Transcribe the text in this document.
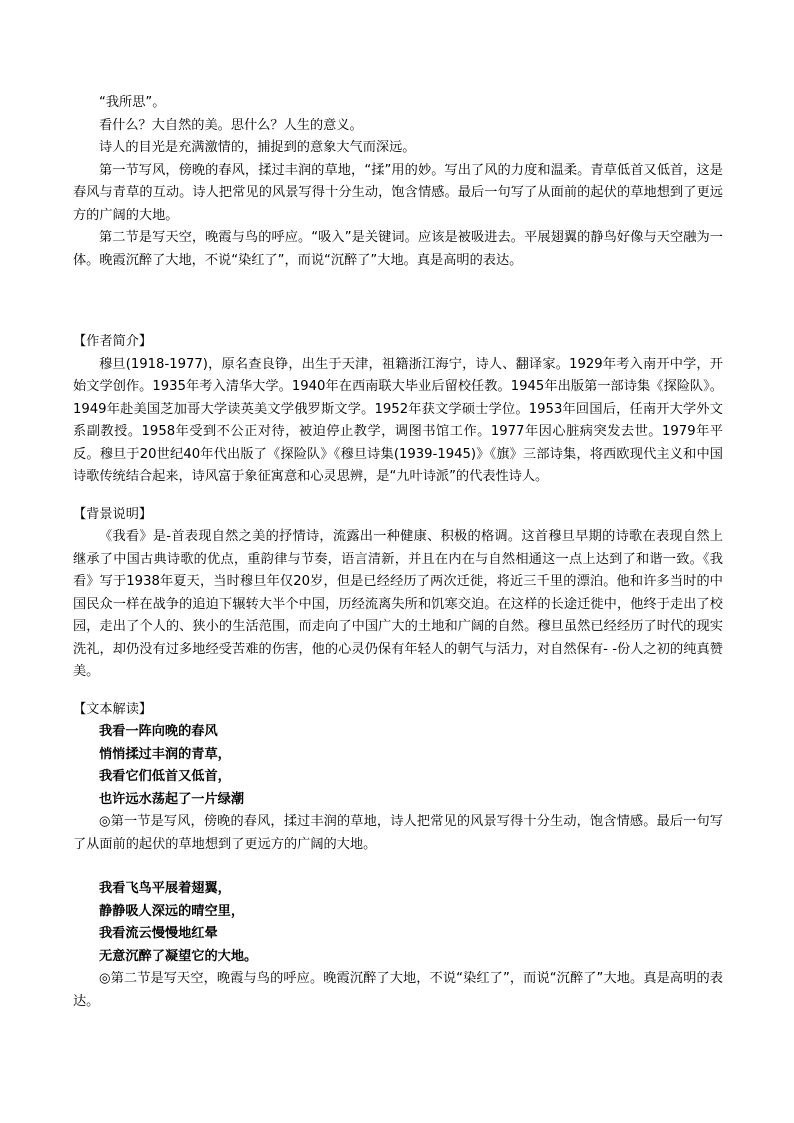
“我所思”。

看什么？大自然的美。思什么？人生的意义。

诗人的目光是充满激情的，捕捉到的意象大气而深远。

第一节写风，傍晚的春风，揉过丰润的草地，“揉”用的妙。写出了风的力度和温柔。青草低首又低首，这是春风与青草的互动。诗人把常见的风景写得十分生动，饱含情感。最后一句写了从面前的起伏的草地想到了更远方的广阔的大地。

第二节是写天空，晚霞与鸟的呼应。“吸入”是关键词。应该是被吸进去。平展翅翼的静鸟好像与天空融为一体。晚霞沉醉了大地，不说“染红了”，而说“沉醉了”大地。真是高明的表达。

【作者简介】

穆旦(1918-1977)，原名查良铮，出生于天津，祖籍浙江海宁，诗人、翻译家。1929年考入南开中学，开始文学创作。1935年考入清华大学。1940年在西南联大毕业后留校任教。1945年出版第一部诗集《探险队》。1949年赴美国芝加哥大学读英美文学俄罗斯文学。1952年获文学硕士学位。1953年回国后，任南开大学外文系副教授。1958年受到不公正对待，被迫停止教学，调图书馆工作。1977年因心脏病突发去世。1979年平反。穆旦于20世纪40年代出版了《探险队》《穆旦诗集(1939-1945)》《旗》三部诗集，将西欧现代主义和中国诗歌传统结合起来，诗风富于象征寓意和心灵思辨，是“九叶诗派”的代表性诗人。

【背景说明】

《我看》是-首表现自然之美的抒情诗，流露出一种健康、积极的格调。这首穆旦早期的诗歌在表现自然上继承了中国古典诗歌的优点，重韵律与节奏，语言清新，并且在内在与自然相通这一点上达到了和谐一致。《我看》写于1938年夏天，当时穆旦年仅20岁，但是已经经历了两次迁徙，将近三千里的漂泊。他和许多当时的中国民众一样在战争的追迫下辗转大半个中国，历经流离失所和饥寒交迫。在这样的长途迁徙中，他终于走出了校园，走出了个人的、狭小的生活范围，而走向了中国广大的土地和广阔的自然。穆旦虽然已经经历了时代的现实洗礼，却仍没有过多地经受苦难的伤害，他的心灵仍保有年轻人的朝气与活力，对自然保有- -份人之初的纯真赞美。

【文本解读】

我看一阵向晚的春风

悄悄揉过丰润的青草，

我看它们低首又低首，

也许远水荡起了一片绿潮

◎第一节是写风，傍晚的春风，揉过丰润的草地，诗人把常见的风景写得十分生动，饱含情感。最后一句写了从面前的起伏的草地想到了更远方的广阔的大地。

我看飞鸟平展着翅翼，

静静吸人深远的晴空里，

我看流云慢慢地红晕

无意沉醉了凝望它的大地。

◎第二节是写天空，晚霞与鸟的呼应。晚霞沉醉了大地，不说“染红了”，而说“沉醉了”大地。真是高明的表达。
